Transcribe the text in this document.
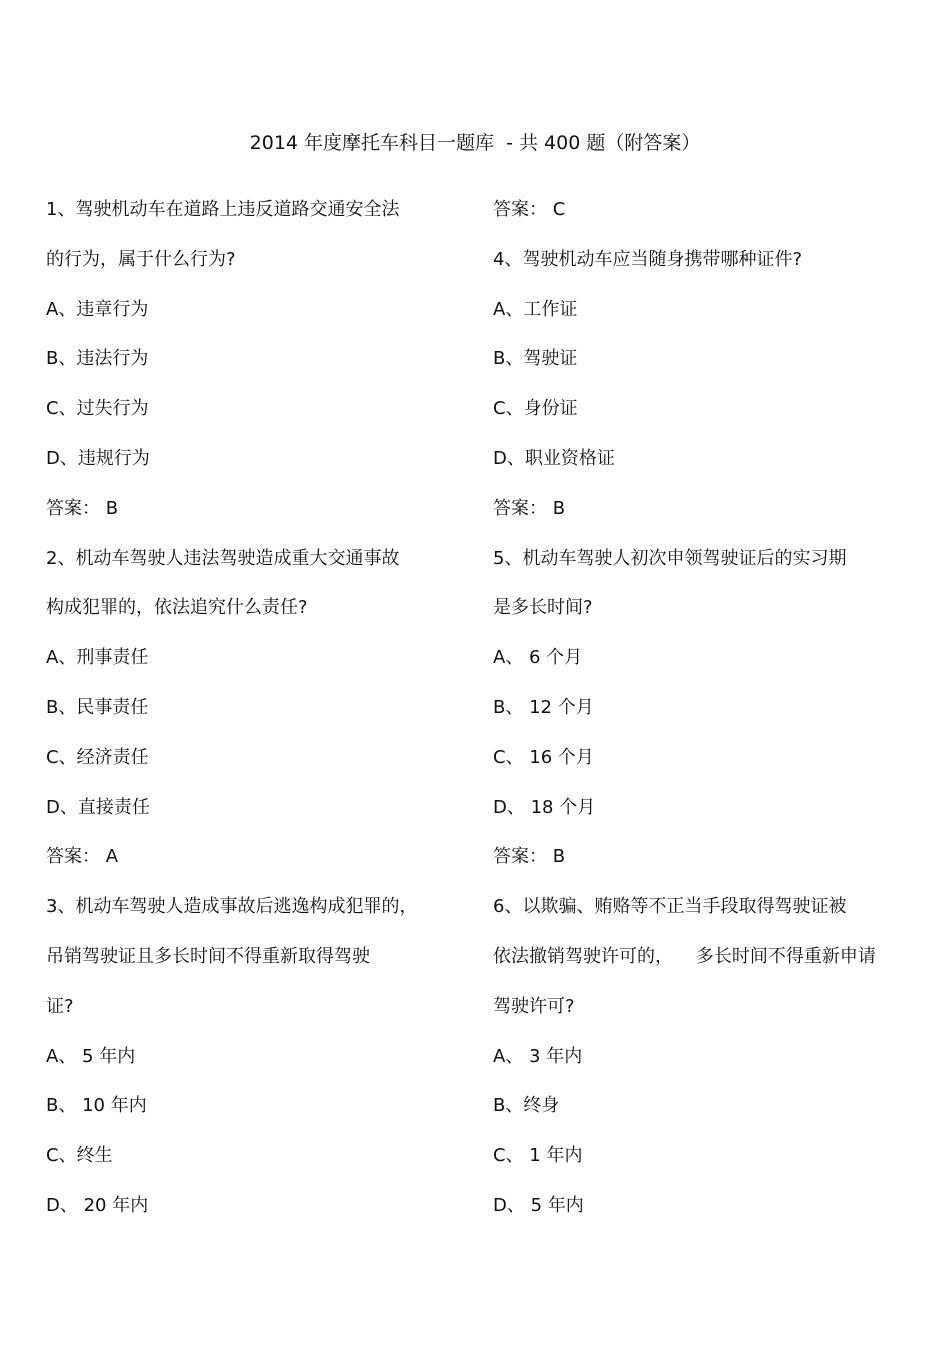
2014 年度摩托车科目一题库  - 共 400 题（附答案）
1、驾驶机动车在道路上违反道路交通安全法
的行为，属于什么行为?
A、违章行为
B、违法行为
C、过失行为
D、违规行为
答案： B
2、机动车驾驶人违法驾驶造成重大交通事故
构成犯罪的，依法追究什么责任?
A、刑事责任
B、民事责任
C、经济责任
D、直接责任
答案： A
3、机动车驾驶人造成事故后逃逸构成犯罪的，
吊销驾驶证且多长时间不得重新取得驾驶
证?
A、 5 年内
B、 10 年内
C、终生
D、 20 年内
答案： C
4、驾驶机动车应当随身携带哪种证件?
A、工作证
B、驾驶证
C、身份证
D、职业资格证
答案： B
5、机动车驾驶人初次申领驾驶证后的实习期
是多长时间?
A、 6 个月
B、 12 个月
C、 16 个月
D、 18 个月
答案： B
6、以欺骗、贿赂等不正当手段取得驾驶证被
依法撤销驾驶许可的，    多长时间不得重新申请
驾驶许可?
A、 3 年内
B、终身
C、 1 年内
D、 5 年内
